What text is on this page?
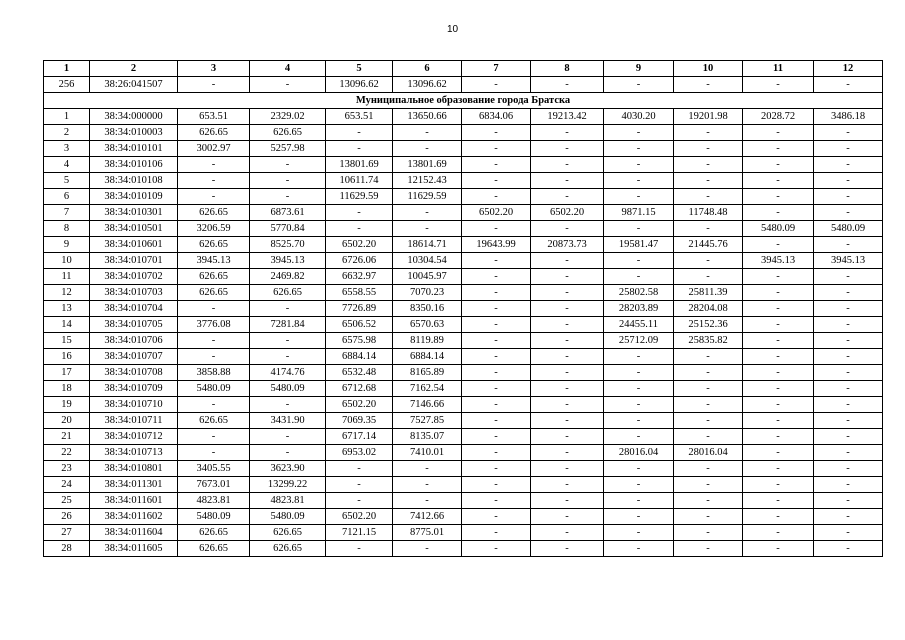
10
1	2	3	4	5	6	7	8	9	10	11	12
256	38:26:041507	-	-	13096.62	13096.62	-	-	-	-	-	-
Муниципальное образование города Братска											
1	38:34:000000	653.51	2329.02	653.51	13650.66	6834.06	19213.42	4030.20	19201.98	2028.72	3486.18
2	38:34:010003	626.65	626.65	-	-	-	-	-	-	-	-
3	38:34:010101	3002.97	5257.98	-	-	-	-	-	-	-	-
4	38:34:010106	-	-	13801.69	13801.69	-	-	-	-	-	-
5	38:34:010108	-	-	10611.74	12152.43	-	-	-	-	-	-
6	38:34:010109	-	-	11629.59	11629.59	-	-	-	-	-	-
7	38:34:010301	626.65	6873.61	-	-	6502.20	6502.20	9871.15	11748.48	-	-
8	38:34:010501	3206.59	5770.84	-	-	-	-	-	-	5480.09	5480.09
9	38:34:010601	626.65	8525.70	6502.20	18614.71	19643.99	20873.73	19581.47	21445.76	-	-
10	38:34:010701	3945.13	3945.13	6726.06	10304.54	-	-	-	-	3945.13	3945.13
11	38:34:010702	626.65	2469.82	6632.97	10045.97	-	-	-	-	-	-
12	38:34:010703	626.65	626.65	6558.55	7070.23	-	-	25802.58	25811.39	-	-
13	38:34:010704	-	-	7726.89	8350.16	-	-	28203.89	28204.08	-	-
14	38:34:010705	3776.08	7281.84	6506.52	6570.63	-	-	24455.11	25152.36	-	-
15	38:34:010706	-	-	6575.98	8119.89	-	-	25712.09	25835.82	-	-
16	38:34:010707	-	-	6884.14	6884.14	-	-	-	-	-	-
17	38:34:010708	3858.88	4174.76	6532.48	8165.89	-	-	-	-	-	-
18	38:34:010709	5480.09	5480.09	6712.68	7162.54	-	-	-	-	-	-
19	38:34:010710	-	-	6502.20	7146.66	-	-	-	-	-	-
20	38:34:010711	626.65	3431.90	7069.35	7527.85	-	-	-	-	-	-
21	38:34:010712	-	-	6717.14	8135.07	-	-	-	-	-	-
22	38:34:010713	-	-	6953.02	7410.01	-	-	28016.04	28016.04	-	-
23	38:34:010801	3405.55	3623.90	-	-	-	-	-	-	-	-
24	38:34:011301	7673.01	13299.22	-	-	-	-	-	-	-	-
25	38:34:011601	4823.81	4823.81	-	-	-	-	-	-	-	-
26	38:34:011602	5480.09	5480.09	6502.20	7412.66	-	-	-	-	-	-
27	38:34:011604	626.65	626.65	7121.15	8775.01	-	-	-	-	-	-
28	38:34:011605	626.65	626.65	-	-	-	-	-	-	-	-
